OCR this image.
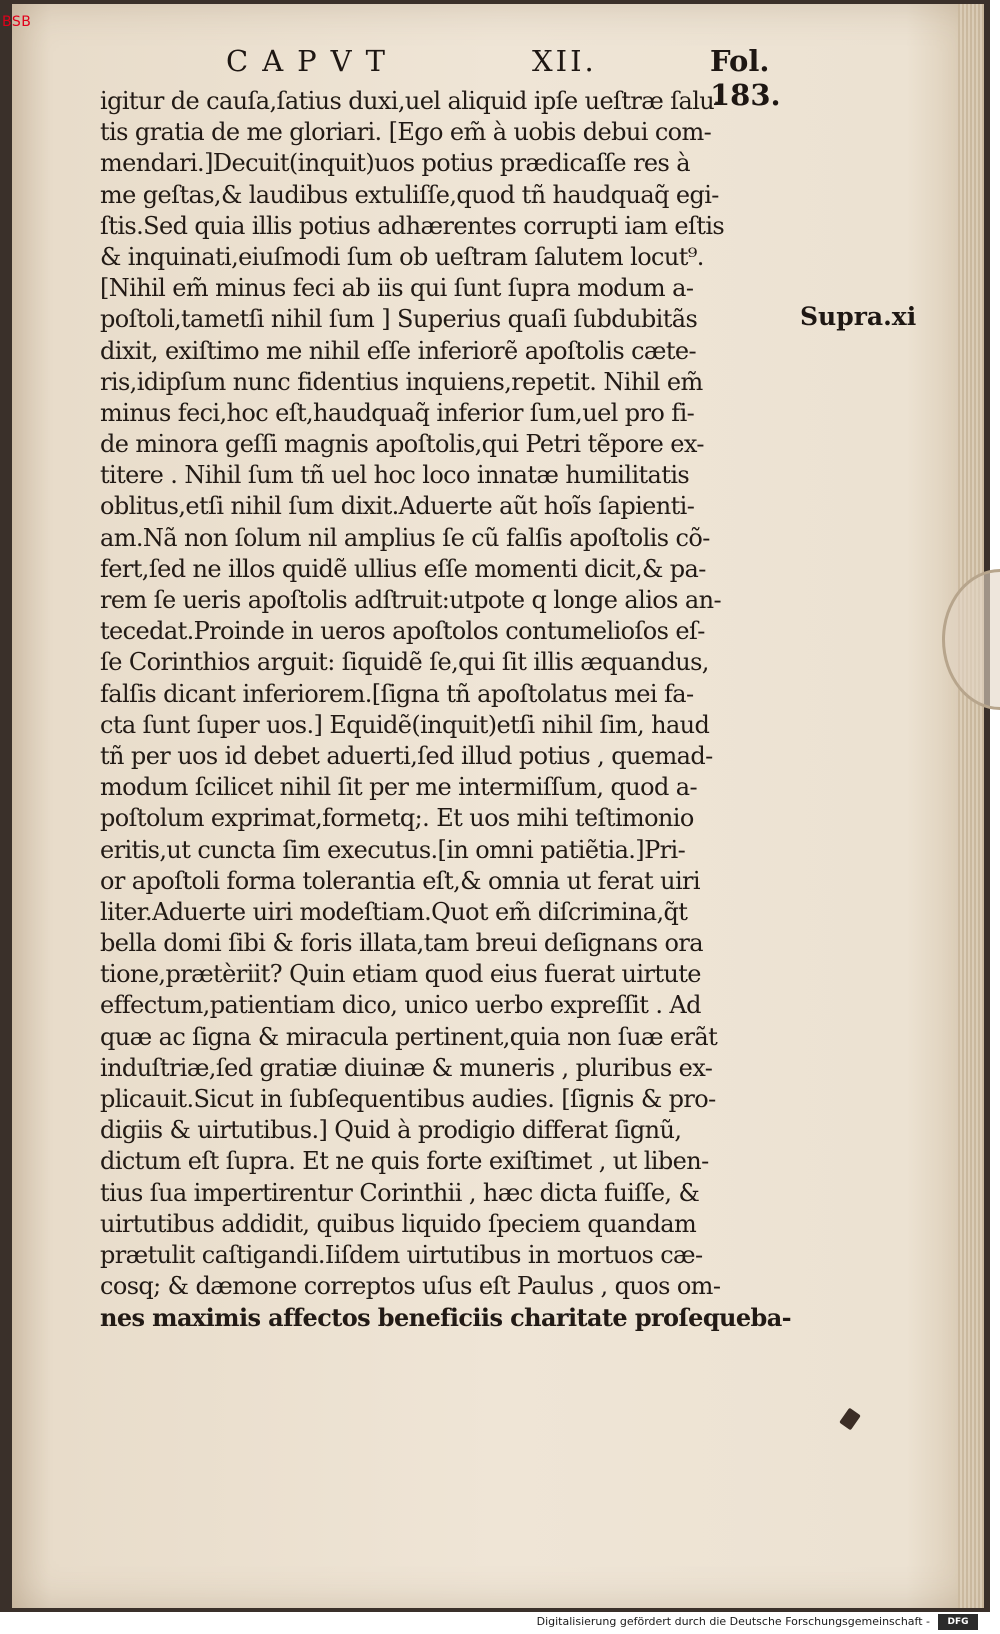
BSB
CAPVT	XII.	Fol. 183.
Supra.xi
igitur de cauſa,ſatius duxi,uel aliquid ipſe ueſtræ ſalu-
tis gratia de me gloriari. [Ego em̃ à uobis debui com-
mendari.]Decuit(inquit)uos potius prædicaſſe res à
me geſtas,& laudibus extuliſſe,quod tñ haudquaq̃ egi-
ſtis.Sed quia illis potius adhærentes corrupti iam eſtis
& inquinati,eiuſmodi ſum ob ueſtram ſalutem locut⁹.
[Nihil em̃ minus feci ab iis qui ſunt ſupra modum a-
poſtoli,tametſi nihil ſum ] Superius quaſi ſubdubitãs
dixit, exiſtimo me nihil eſſe inferiorẽ apoſtolis cæte-
ris,idipſum nunc fidentius inquiens,repetit. Nihil em̃
minus feci,hoc eſt,haudquaq̃ inferior ſum,uel pro fi-
de minora geſſi magnis apoſtolis,qui Petri tẽpore ex-
titere . Nihil ſum tñ uel hoc loco innatæ humilitatis
oblitus,etſi nihil ſum dixit.Aduerte aũt hoĩs ſapienti-
am.Nã non ſolum nil amplius ſe cũ falſis apoſtolis cõ-
fert,ſed ne illos quidẽ ullius eſſe momenti dicit,& pa-
rem ſe ueris apoſtolis adſtruit:utpote q longe alios an-
tecedat.Proinde in ueros apoſtolos contumelioſos eſ-
ſe Corinthios arguit: ſiquidẽ ſe,qui ſit illis æquandus,
falſis dicant inferiorem.[ſigna tñ apoſtolatus mei fa-
cta ſunt ſuper uos.] Equidẽ(inquit)etſi nihil ſim, haud
tñ per uos id debet aduerti,ſed illud potius , quemad-
modum ſcilicet nihil ſit per me intermiſſum, quod a-
poſtolum exprimat,formetq;. Et uos mihi teſtimonio
eritis,ut cuncta ſim executus.[in omni patiẽtia.]Pri-
or apoſtoli forma tolerantia eſt,& omnia ut ferat uiri
liter.Aduerte uiri modeſtiam.Quot em̃ diſcrimina,q̃t
bella domi ſibi & foris illata,tam breui deſignans ora
tione,prætèriit? Quin etiam quod eius fuerat uirtute
effectum,patientiam dico, unico uerbo expreſſit . Ad
quæ ac ſigna & miracula pertinent,quia non ſuæ erãt
induſtriæ,ſed gratiæ diuinæ & muneris , pluribus ex-
plicauit.Sicut in ſubſequentibus audies. [ſignis & pro-
digiis & uirtutibus.] Quid à prodigio differat ſignũ,
dictum eſt ſupra. Et ne quis forte exiſtimet , ut liben-
tius ſua impertirentur Corinthii , hæc dicta fuiſſe, &
uirtutibus addidit, quibus liquido ſpeciem quandam
prætulit caſtigandi.Iiſdem uirtutibus in mortuos cæ-
cosq; & dæmone correptos uſus eſt Paulus , quos om-
nes maximis affectos beneficiis charitate proſequeba-
Digitalisierung gefördert durch die Deutsche Forschungsgemeinschaft -	DFG
